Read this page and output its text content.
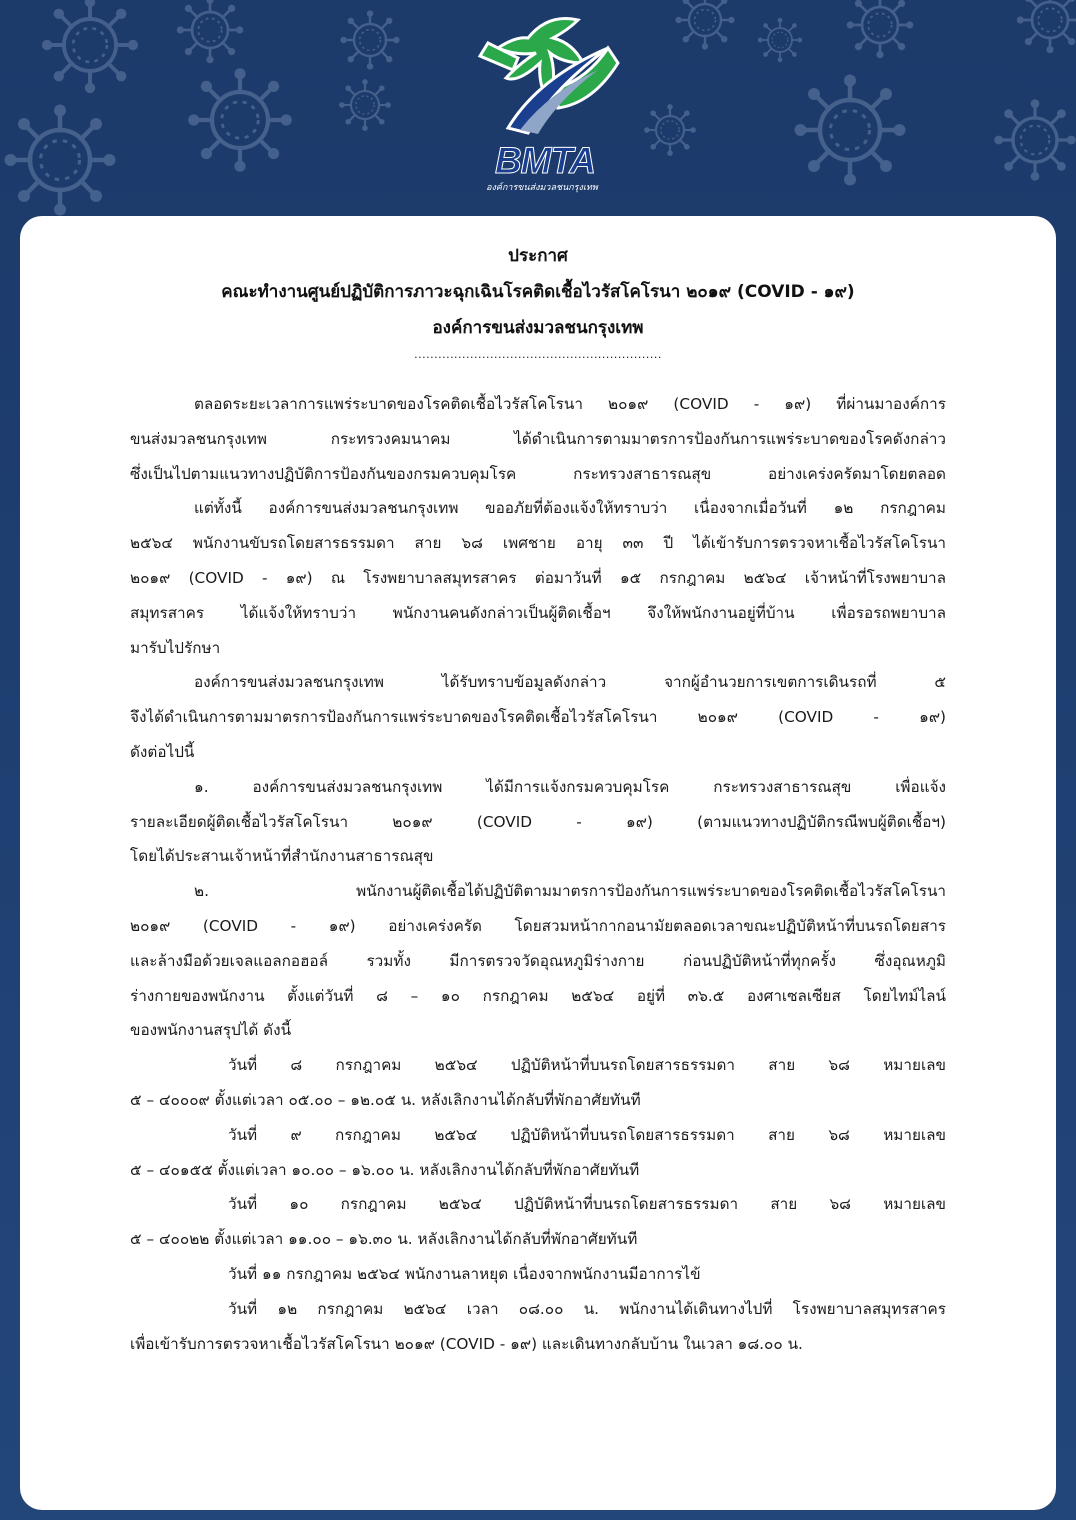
BMTA
องค์การขนส่งมวลชนกรุงเทพ
ประกาศ
คณะทำงานศูนย์ปฏิบัติการภาวะฉุกเฉินโรคติดเชื้อไวรัสโคโรนา ๒๐๑๙ (COVID - ๑๙)
องค์การขนส่งมวลชนกรุงเทพ
..............................................................
ตลอดระยะเวลาการแพร่ระบาดของโรคติดเชื้อไวรัสโคโรนา ๒๐๑๙ (COVID - ๑๙) ที่ผ่านมาองค์การ
ขนส่งมวลชนกรุงเทพ กระทรวงคมนาคม ได้ดำเนินการตามมาตรการป้องกันการแพร่ระบาดของโรคดังกล่าว
ซึ่งเป็นไปตามแนวทางปฏิบัติการป้องกันของกรมควบคุมโรค กระทรวงสาธารณสุข อย่างเคร่งครัดมาโดยตลอด
แต่ทั้งนี้ องค์การขนส่งมวลชนกรุงเทพ ขออภัยที่ต้องแจ้งให้ทราบว่า เนื่องจากเมื่อวันที่ ๑๒ กรกฎาคม
๒๕๖๔ พนักงานขับรถโดยสารธรรมดา สาย ๖๘ เพศชาย อายุ ๓๓ ปี ได้เข้ารับการตรวจหาเชื้อไวรัสโคโรนา
๒๐๑๙ (COVID - ๑๙) ณ โรงพยาบาลสมุทรสาคร ต่อมาวันที่ ๑๕ กรกฎาคม ๒๕๖๔ เจ้าหน้าที่โรงพยาบาล
สมุทรสาคร ได้แจ้งให้ทราบว่า พนักงานคนดังกล่าวเป็นผู้ติดเชื้อฯ จึงให้พนักงานอยู่ที่บ้าน เพื่อรอรถพยาบาล
มารับไปรักษา
องค์การขนส่งมวลชนกรุงเทพ ได้รับทราบข้อมูลดังกล่าว จากผู้อำนวยการเขตการเดินรถที่ ๕
จึงได้ดำเนินการตามมาตรการป้องกันการแพร่ระบาดของโรคติดเชื้อไวรัสโคโรนา ๒๐๑๙ (COVID - ๑๙)
ดังต่อไปนี้
๑. องค์การขนส่งมวลชนกรุงเทพ ได้มีการแจ้งกรมควบคุมโรค กระทรวงสาธารณสุข เพื่อแจ้ง
รายละเอียดผู้ติดเชื้อไวรัสโคโรนา ๒๐๑๙ (COVID - ๑๙) (ตามแนวทางปฏิบัติกรณีพบผู้ติดเชื้อฯ)
โดยได้ประสานเจ้าหน้าที่สำนักงานสาธารณสุข
๒. พนักงานผู้ติดเชื้อได้ปฏิบัติตามมาตรการป้องกันการแพร่ระบาดของโรคติดเชื้อไวรัสโคโรนา
๒๐๑๙ (COVID - ๑๙) อย่างเคร่งครัด โดยสวมหน้ากากอนามัยตลอดเวลาขณะปฏิบัติหน้าที่บนรถโดยสาร
และล้างมือด้วยเจลแอลกอฮอล์ รวมทั้ง มีการตรวจวัดอุณหภูมิร่างกาย ก่อนปฏิบัติหน้าที่ทุกครั้ง ซึ่งอุณหภูมิ
ร่างกายของพนักงาน ตั้งแต่วันที่ ๘ – ๑๐ กรกฎาคม ๒๕๖๔ อยู่ที่ ๓๖.๕ องศาเซลเซียส โดยไทม์ไลน์
ของพนักงานสรุปได้ ดังนี้
วันที่ ๘ กรกฎาคม ๒๕๖๔ ปฏิบัติหน้าที่บนรถโดยสารธรรมดา สาย ๖๘ หมายเลข
๕ – ๔๐๐๐๙ ตั้งแต่เวลา ๐๕.๐๐ – ๑๒.๐๕ น. หลังเลิกงานได้กลับที่พักอาศัยทันที
วันที่ ๙ กรกฎาคม ๒๕๖๔ ปฏิบัติหน้าที่บนรถโดยสารธรรมดา สาย ๖๘ หมายเลข
๕ – ๔๐๑๕๕ ตั้งแต่เวลา ๑๐.๐๐ – ๑๖.๐๐ น. หลังเลิกงานได้กลับที่พักอาศัยทันที
วันที่ ๑๐ กรกฎาคม ๒๕๖๔ ปฏิบัติหน้าที่บนรถโดยสารธรรมดา สาย ๖๘ หมายเลข
๕ – ๔๐๐๒๒ ตั้งแต่เวลา ๑๑.๐๐ – ๑๖.๓๐ น. หลังเลิกงานได้กลับที่พักอาศัยทันที
วันที่ ๑๑ กรกฎาคม ๒๕๖๔ พนักงานลาหยุด เนื่องจากพนักงานมีอาการไข้
วันที่ ๑๒ กรกฎาคม ๒๕๖๔ เวลา ๐๘.๐๐ น. พนักงานได้เดินทางไปที่ โรงพยาบาลสมุทรสาคร
เพื่อเข้ารับการตรวจหาเชื้อไวรัสโคโรนา ๒๐๑๙ (COVID - ๑๙) และเดินทางกลับบ้าน ในเวลา ๑๘.๐๐ น.
